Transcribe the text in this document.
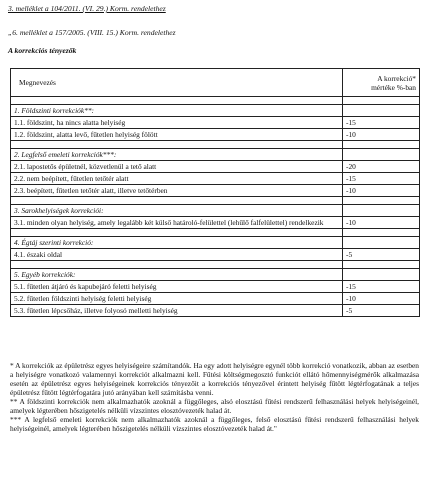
3. melléklet a 104/2011. (VI. 29.) Korm. rendelethez
„6. melléklet a 157/2005. (VIII. 15.) Korm. rendelethez
A korrekciós tényezők
Megnevezés	A korrekció*
mértéke %-ban

1. Földszinti korrekciók**:	
1.1. földszint, ha nincs alatta helyiség	-15
1.2. földszint, alatta levő, fűtetlen helyiség fölött	-10

2. Legfelső emeleti korrekciók***:	
2.1. lapostetős épületnél, közvetlenül a tető alatt	-20
2.2. nem beépített, fűtetlen tetőtér alatt	-15
2.3. beépített, fűtetlen tetőtér alatt, illetve tetőtérben	-10

3. Sarokhelyiségek korrekciói:	
3.1. minden olyan helyiség, amely legalább két külső határoló-felülettel (lehűlő falfelülettel) rendelkezik	-10

4. Égtáj szerinti korrekció:	
4.1. északi oldal	-5

5. Egyéb korrekciók:	
5.1. fűtetlen átjáró és kapubejáró feletti helyiség	-15
5.2. fűtetlen földszinti helyiség feletti helyiség	-10
5.3. fűtetlen lépcsőház, illetve folyosó melletti helyiség	-5

* A korrekciók az épületrész egyes helyiségeire számítandók. Ha egy adott helyiségre egynél több korrekció vonatkozik, abban az esetben a helyiségre vonatkozó valamennyi korrekciót alkalmazni kell. Fűtési költségmegosztó funkciót ellátó hőmennyiségmérők alkalmazása esetén az épületrész egyes helyiségeinek korrekciós tényezőit a korrekciós tényezővel érintett helyiség fűtött légtérfogatának a teljes épületrész fűtött légtérfogatára jutó arányában kell számításba venni.

** A földszinti korrekciók nem alkalmazhatók azoknál a függőleges, alsó elosztású fűtési rendszerű felhasználási helyek helyiségeinél, amelyek légterében hőszigetelés nélküli vízszintes elosztóvezeték halad át.

*** A legfelső emeleti korrekciók nem alkalmazhatók azoknál a függőleges, felső elosztású fűtési rendszerű felhasználási helyek helyiségeinél, amelyek légterében hőszigetelés nélküli vízszintes elosztóvezeték halad át."
